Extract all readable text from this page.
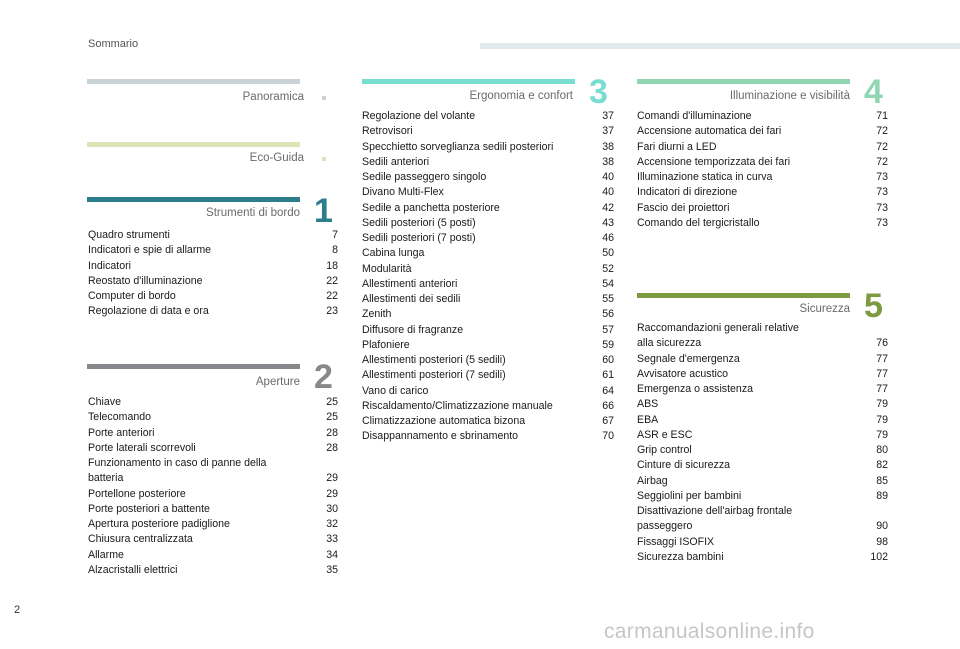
Sommario
Panoramica
Eco-Guida
Strumenti di bordo 1
Quadro strumenti	7
Indicatori e spie di allarme	8
Indicatori	18
Reostato d'illuminazione	22
Computer di bordo	22
Regolazione di data e ora	23
Aperture 2
Chiave	25
Telecomando	25
Porte anteriori	28
Porte laterali scorrevoli	28
Funzionamento in caso di panne della
batteria	29
Portellone posteriore	29
Porte posteriori a battente	30
Apertura posteriore padiglione	32
Chiusura centralizzata	33
Allarme	34
Alzacristalli elettrici	35
Ergonomia e confort 3
Regolazione del volante	37
Retrovisori	37
Specchietto sorveglianza sedili posteriori	38
Sedili anteriori	38
Sedile passeggero singolo	40
Divano Multi-Flex	40
Sedile a panchetta posteriore	42
Sedili posteriori (5 posti)	43
Sedili posteriori (7 posti)	46
Cabina lunga	50
Modularità	52
Allestimenti anteriori	54
Allestimenti dei sedili	55
Zenith	56
Diffusore di fragranze	57
Plafoniere	59
Allestimenti posteriori (5 sedili)	60
Allestimenti posteriori (7 sedili)	61
Vano di carico	64
Riscaldamento/Climatizzazione manuale	66
Climatizzazione automatica bizona	67
Disappannamento e sbrinamento	70
Illuminazione e visibilità 4
Comandi d'illuminazione	71
Accensione automatica dei fari	72
Fari diurni a LED	72
Accensione temporizzata dei fari	72
Illuminazione statica in curva	73
Indicatori di direzione	73
Fascio dei proiettori	73
Comando del tergicristallo	73
Sicurezza 5
Raccomandazioni generali relative
alla sicurezza	76
Segnale d'emergenza	77
Avvisatore acustico	77
Emergenza o assistenza	77
ABS	79
EBA	79
ASR e ESC	79
Grip control	80
Cinture di sicurezza	82
Airbag	85
Seggiolini per bambini	89
Disattivazione dell'airbag frontale
passeggero	90
Fissaggi ISOFIX	98
Sicurezza bambini	102
2
carmanualsonline.info
